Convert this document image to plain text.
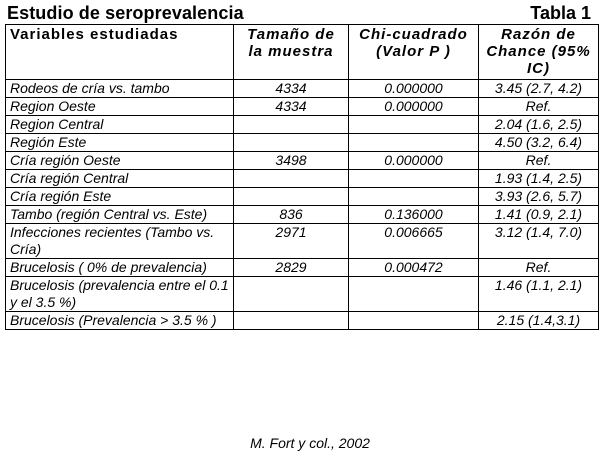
Estudio de seroprevalencia	Tabla 1
Variables estudiadas	Tamaño de la muestra	Chi-cuadrado (Valor P )	Razón de Chance (95% IC)
Rodeos de cría vs. tambo	4334	0.000000	3.45 (2.7, 4.2)
Region Oeste	4334	0.000000	Ref.
Region Central			2.04 (1.6, 2.5)
Región Este			4.50 (3.2, 6.4)
Cría región Oeste	3498	0.000000	Ref.
Cría región Central			1.93 (1.4, 2.5)
Cría región Este			3.93 (2.6, 5.7)
Tambo (región Central vs. Este)	836	0.136000	1.41 (0.9, 2.1)
Infecciones recientes (Tambo vs. Cría)	2971	0.006665	3.12 (1.4, 7.0)
Brucelosis ( 0% de prevalencia)	2829	0.000472	Ref.
Brucelosis (prevalencia entre el 0.1 y el 3.5 %)			1.46 (1.1, 2.1)
Brucelosis (Prevalencia > 3.5 % )			2.15 (1.4,3.1)
M. Fort y col., 2002
